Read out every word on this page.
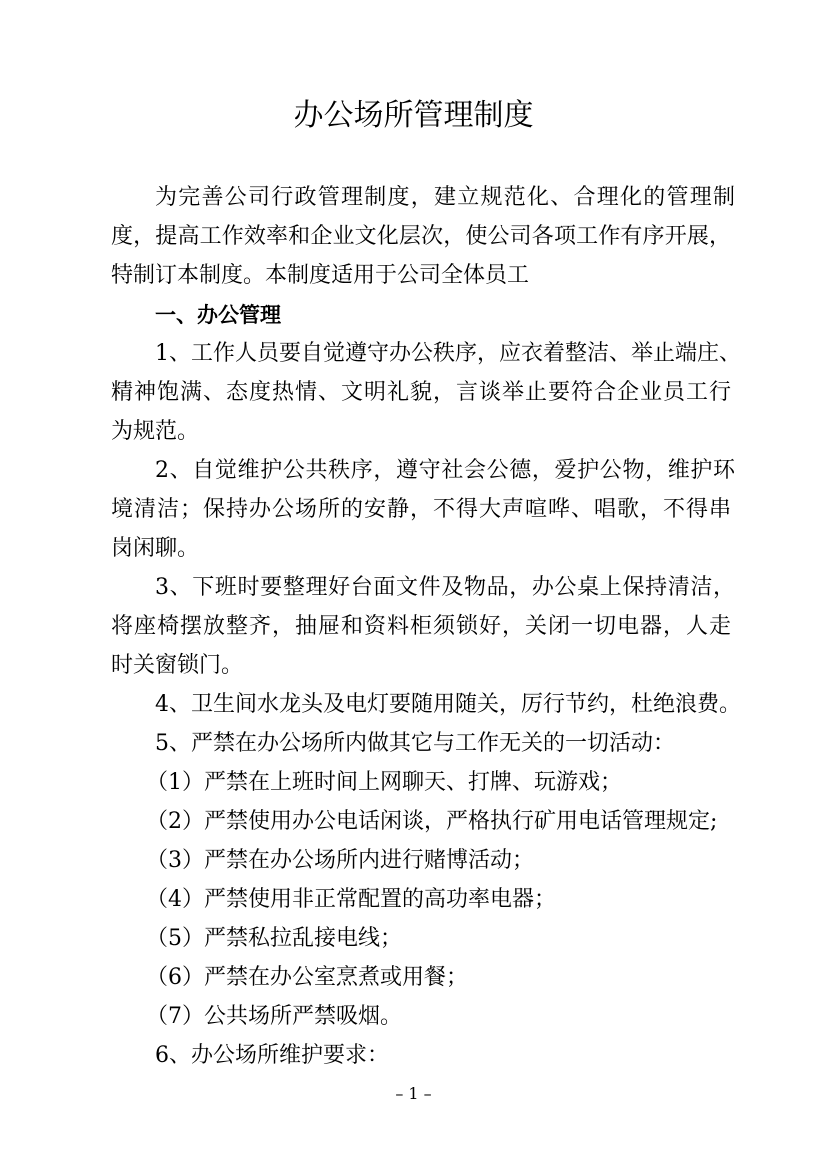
办公场所管理制度
为完善公司行政管理制度，建立规范化、合理化的管理制
度，提高工作效率和企业文化层次，使公司各项工作有序开展，
特制订本制度。本制度适用于公司全体员工
一、办公管理
1、工作人员要自觉遵守办公秩序，应衣着整洁、举止端庄、
精神饱满、态度热情、文明礼貌，言谈举止要符合企业员工行
为规范。
2、自觉维护公共秩序，遵守社会公德，爱护公物，维护环
境清洁；保持办公场所的安静，不得大声喧哗、唱歌，不得串
岗闲聊。
3、下班时要整理好台面文件及物品，办公桌上保持清洁，
将座椅摆放整齐，抽屉和资料柜须锁好，关闭一切电器，人走
时关窗锁门。
4、卫生间水龙头及电灯要随用随关，厉行节约，杜绝浪费。
5、严禁在办公场所内做其它与工作无关的一切活动：
（1）严禁在上班时间上网聊天、打牌、玩游戏；
（2）严禁使用办公电话闲谈，严格执行矿用电话管理规定;
（3）严禁在办公场所内进行赌博活动；
（4）严禁使用非正常配置的高功率电器；
（5）严禁私拉乱接电线；
（6）严禁在办公室烹煮或用餐；
（7）公共场所严禁吸烟。
6、办公场所维护要求：
– 1 –
